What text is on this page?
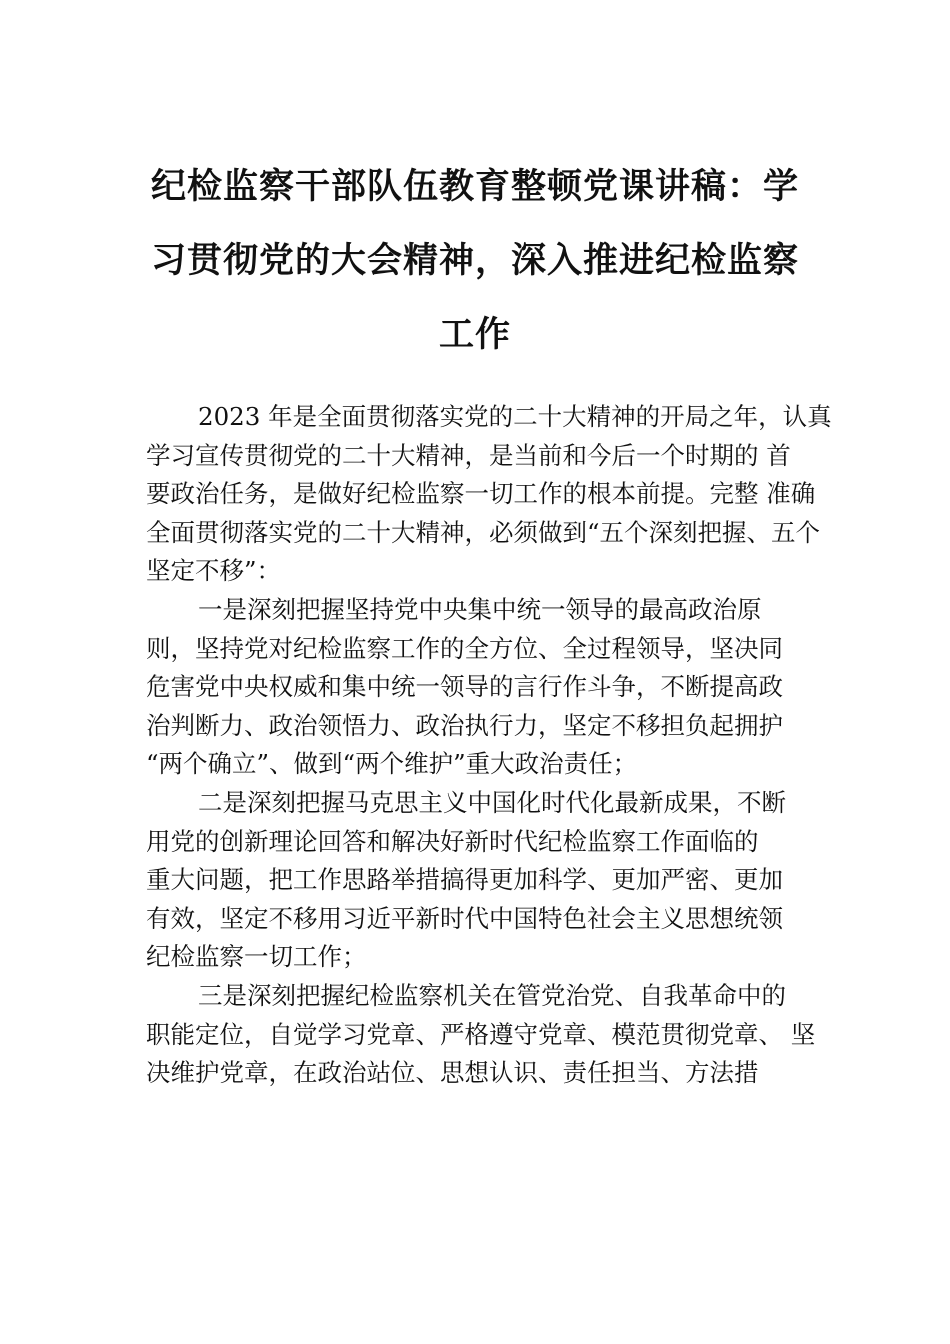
纪检监察干部队伍教育整顿党课讲稿：学
习贯彻党的大会精神，深入推进纪检监察
工作

2023 年是全面贯彻落实党的二十大精神的开局之年，认真
学习宣传贯彻党的二十大精神，是当前和今后一个时期的 首
要政治任务，是做好纪检监察一切工作的根本前提。完整 准确
全面贯彻落实党的二十大精神，必须做到“五个深刻把握、五个
坚定不移”：

一是深刻把握坚持党中央集中统一领导的最高政治原
则，坚持党对纪检监察工作的全方位、全过程领导，坚决同
危害党中央权威和集中统一领导的言行作斗争，不断提高政
治判断力、政治领悟力、政治执行力，坚定不移担负起拥护
“两个确立”、做到“两个维护”重大政治责任；

二是深刻把握马克思主义中国化时代化最新成果，不断
用党的创新理论回答和解决好新时代纪检监察工作面临的
重大问题，把工作思路举措搞得更加科学、更加严密、更加
有效，坚定不移用习近平新时代中国特色社会主义思想统领
纪检监察一切工作；

三是深刻把握纪检监察机关在管党治党、自我革命中的
职能定位，自觉学习党章、严格遵守党章、模范贯彻党章、 坚
决维护党章，在政治站位、思想认识、责任担当、方法措
